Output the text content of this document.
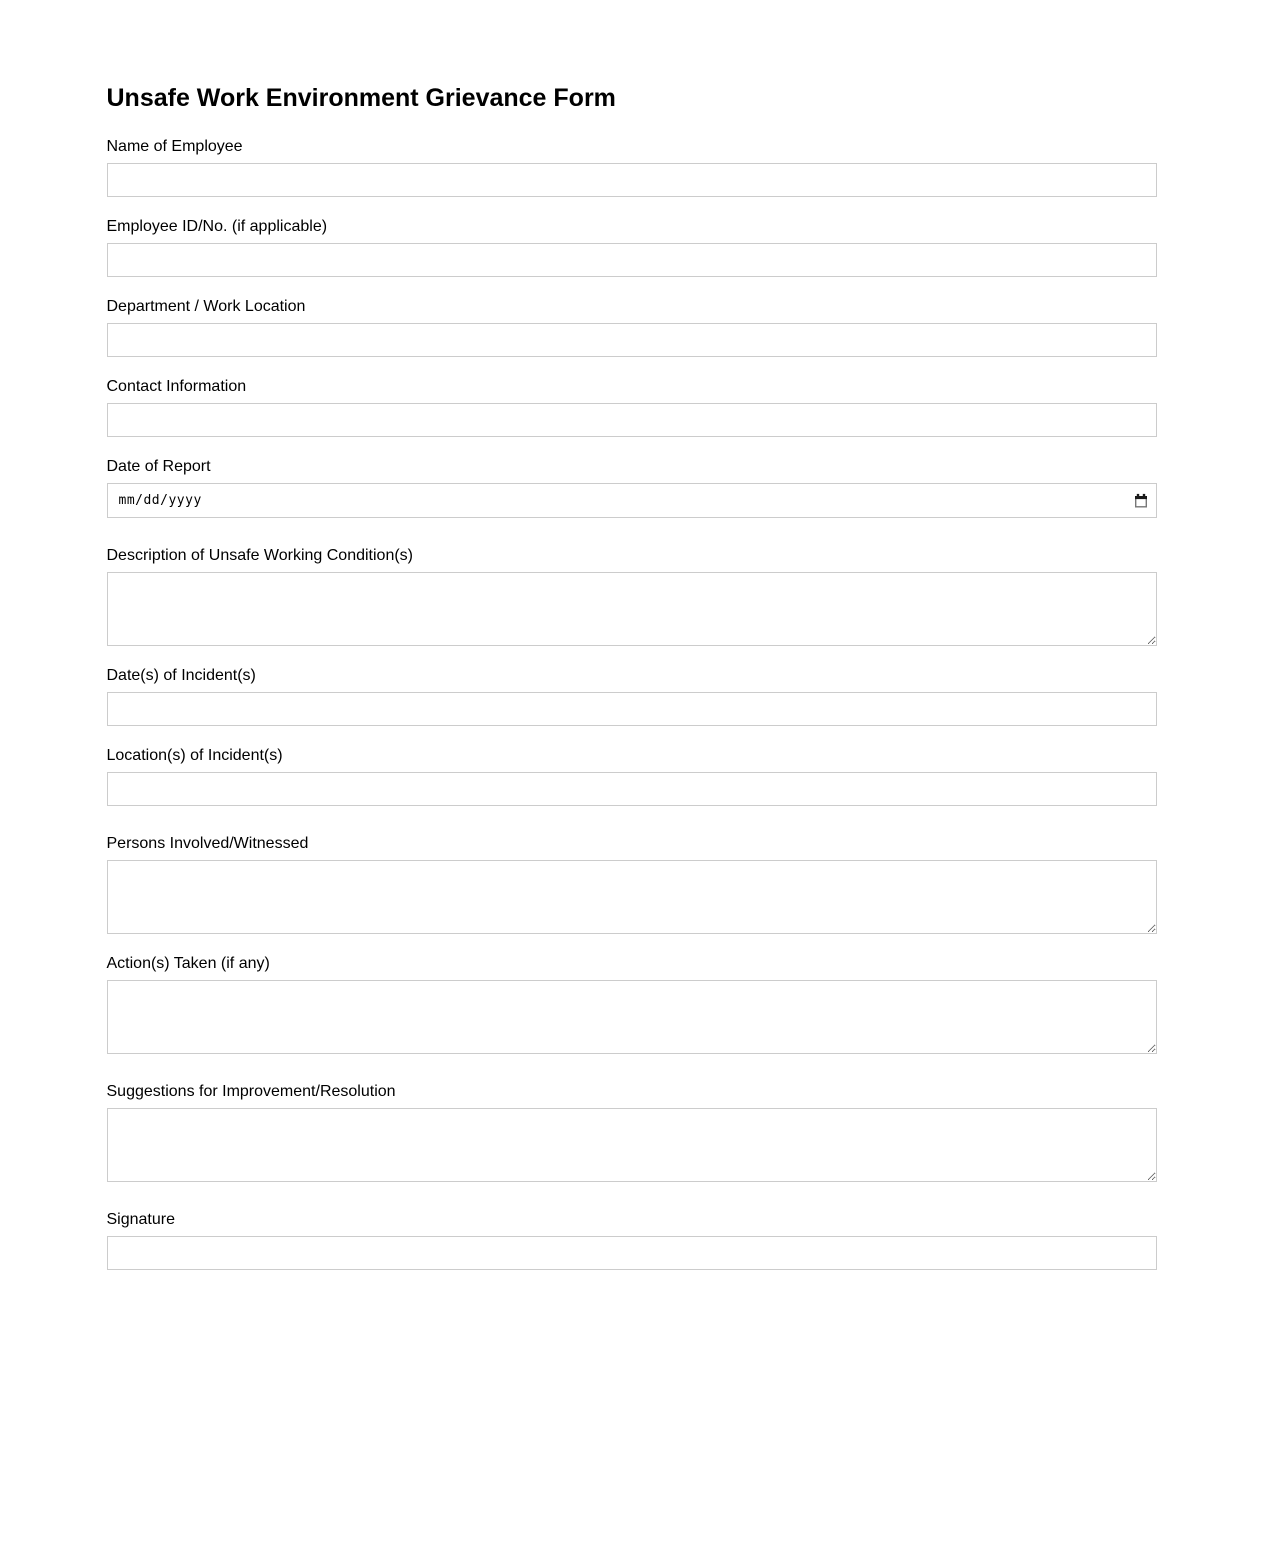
Unsafe Work Environment Grievance Form
Name of Employee
Employee ID/No. (if applicable)
Department / Work Location
Contact Information
Date of Report
mm/dd/yyyy
Description of Unsafe Working Condition(s)
Date(s) of Incident(s)
Location(s) of Incident(s)
Persons Involved/Witnessed
Action(s) Taken (if any)
Suggestions for Improvement/Resolution
Signature
